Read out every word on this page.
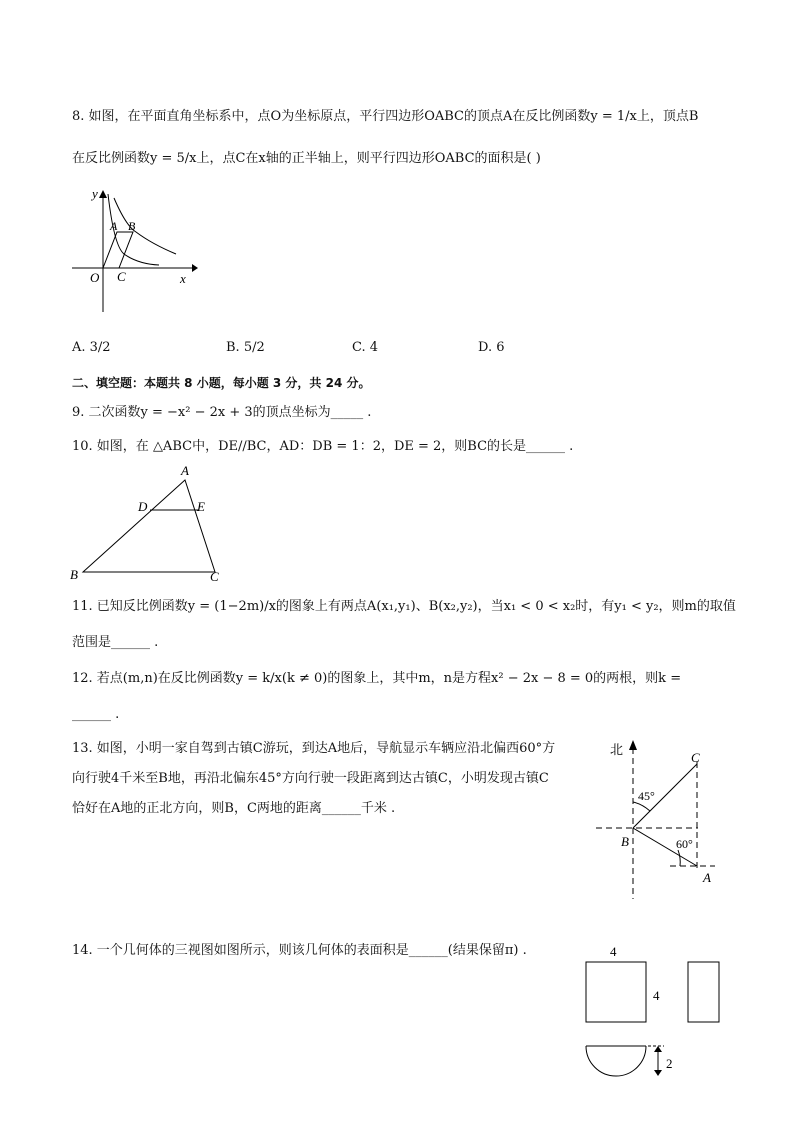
8. 如图，在平面直角坐标系中，点O为坐标原点，平行四边形OABC的顶点A在反比例函数y = 1/x上，顶点B
在反比例函数y = 5/x上，点C在x轴的正半轴上，则平行四边形OABC的面积是( )
y
x
O
A B
C
A. 3/2	B. 5/2	C. 4	D. 6
二、填空题：本题共 8 小题，每小题 3 分，共 24 分。
9. 二次函数y = −x² − 2x + 3的顶点坐标为_____ .
10. 如图，在 △ABC中，DE//BC，AD：DB = 1：2，DE = 2，则BC的长是______ .
A
B	C
D	E
11. 已知反比例函数y = (1−2m)/x的图象上有两点A(x₁,y₁)、B(x₂,y₂)，当x₁ < 0 < x₂时，有y₁ < y₂，则m的取值
范围是______ .
12. 若点(m,n)在反比例函数y = k/x(k ≠ 0)的图象上，其中m，n是方程x² − 2x − 8 = 0的两根，则k =
______ .
13. 如图，小明一家自驾到古镇C游玩，到达A地后，导航显示车辆应沿北偏西60°方
向行驶4千米至B地，再沿北偏东45°方向行驶一段距离到达古镇C，小明发现古镇C
恰好在A地的正北方向，则B，C两地的距离______千米 .
北
C
B
A
45°
60°
14. 一个几何体的三视图如图所示，则该几何体的表面积是______(结果保留π) .	4
4
2
